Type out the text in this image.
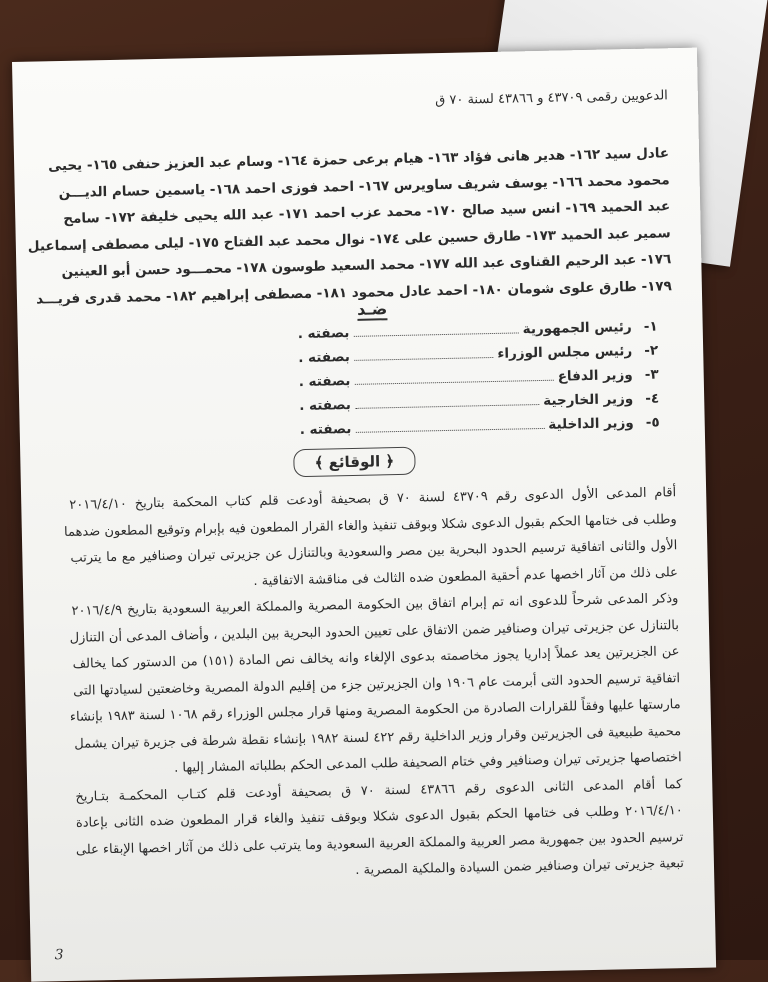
الدعويين رقمى ٤٣٧٠٩ و ٤٣٨٦٦ لسنة ٧٠ ق

عادل سيد ١٦٢- هدير هانى فؤاد ١٦٣- هيام برعى حمزة ١٦٤- وسام عبد العزيز حنفى ١٦٥- يحيى

محمود محمد ١٦٦- يوسف شريف ساويرس ١٦٧- احمد فوزى احمد ١٦٨- ياسمين حسام الديـــن

عبد الحميد ١٦٩- انس سيد صالح ١٧٠- محمد عزب احمد ١٧١- عبد الله يحيى خليفة ١٧٢- سامح

سمير عبد الحميد ١٧٣- طارق حسين على ١٧٤- نوال محمد عبد الفتاح ١٧٥- ليلى مصطفى إسماعيل

١٧٦- عبد الرحيم القناوى عبد الله ١٧٧- محمد السعيد طوسون ١٧٨- محمـــود حسن أبو العينين

١٧٩- طارق علوى شومان ١٨٠- احمد عادل محمود ١٨١- مصطفى إبراهيم ١٨٢- محمد قدرى فريـــد

ضـد
١-
رئيس الجمهورية
بصفته .
٢-
رئيس مجلس الوزراء
بصفته .
٣-
وزير الدفاع
بصفته .
٤-
وزير الخارجية
بصفته .
٥-
وزير الداخلية
بصفته .
﴿ الوقائع ﴾

أقام المدعى الأول الدعوى رقم ٤٣٧٠٩ لسنة ٧٠ ق بصحيفة أودعت قلم كتاب المحكمة بتاريخ ٢٠١٦/٤/١٠

وطلب فى ختامها الحكم بقبول الدعوى شكلا وبوقف تنفيذ والغاء القرار المطعون فيه بإبرام وتوقيع المطعون ضدهما

الأول والثانى اتفاقية ترسيم الحدود البحرية بين مصر والسعودية وبالتنازل عن جزيرتى تيران وصنافير مع ما يترتب

على ذلك من آثار اخصها عدم أحقية المطعون ضده الثالث فى مناقشة الاتفاقية .

وذكر المدعى شرحاً للدعوى انه تم إبرام اتفاق بين الحكومة المصرية والمملكة العربية السعودية بتاريخ ٢٠١٦/٤/٩

بالتنازل عن جزيرتى تيران وصنافير ضمن الاتفاق على تعيين الحدود البحرية بين البلدين ، وأضاف المدعى أن التنازل

عن الجزيرتين يعد عملاً إداريا يجوز مخاصمته بدعوى الإلغاء وانه يخالف نص المادة (١٥١) من الدستور كما يخالف

اتفاقية ترسيم الحدود التى أبرمت عام ١٩٠٦ وان الجزيرتين جزء من إقليم الدولة المصرية وخاضعتين لسيادتها التى

مارستها عليها وفقاً للقرارات الصادرة من الحكومة المصرية ومنها قرار مجلس الوزراء رقم ١٠٦٨ لسنة ١٩٨٣ بإنشاء

محمية طبيعية فى الجزيرتين وقرار وزير الداخلية رقم ٤٢٢ لسنة ١٩٨٢ بإنشاء نقطة شرطة فى جزيرة تيران يشمل

اختصاصها جزيرتى تيران وصنافير وفي ختام الصحيفة طلب المدعى الحكم بطلباته المشار إليها .

كما أقام المدعى الثانى الدعوى رقم ٤٣٨٦٦ لسنة ٧٠ ق بصحيفة أودعت قلم كتـاب المحكمـة بتـاريخ

٢٠١٦/٤/١٠ وطلب فى ختامها الحكم بقبول الدعوى شكلا وبوقف تنفيذ والغاء قرار المطعون ضده الثانى بإعادة

ترسيم الحدود بين جمهورية مصر العربية والمملكة العربية السعودية وما يترتب على ذلك من آثار اخصها الإبقاء على

تبعية جزيرتى تيران وصنافير ضمن السيادة والملكية المصرية .

3
